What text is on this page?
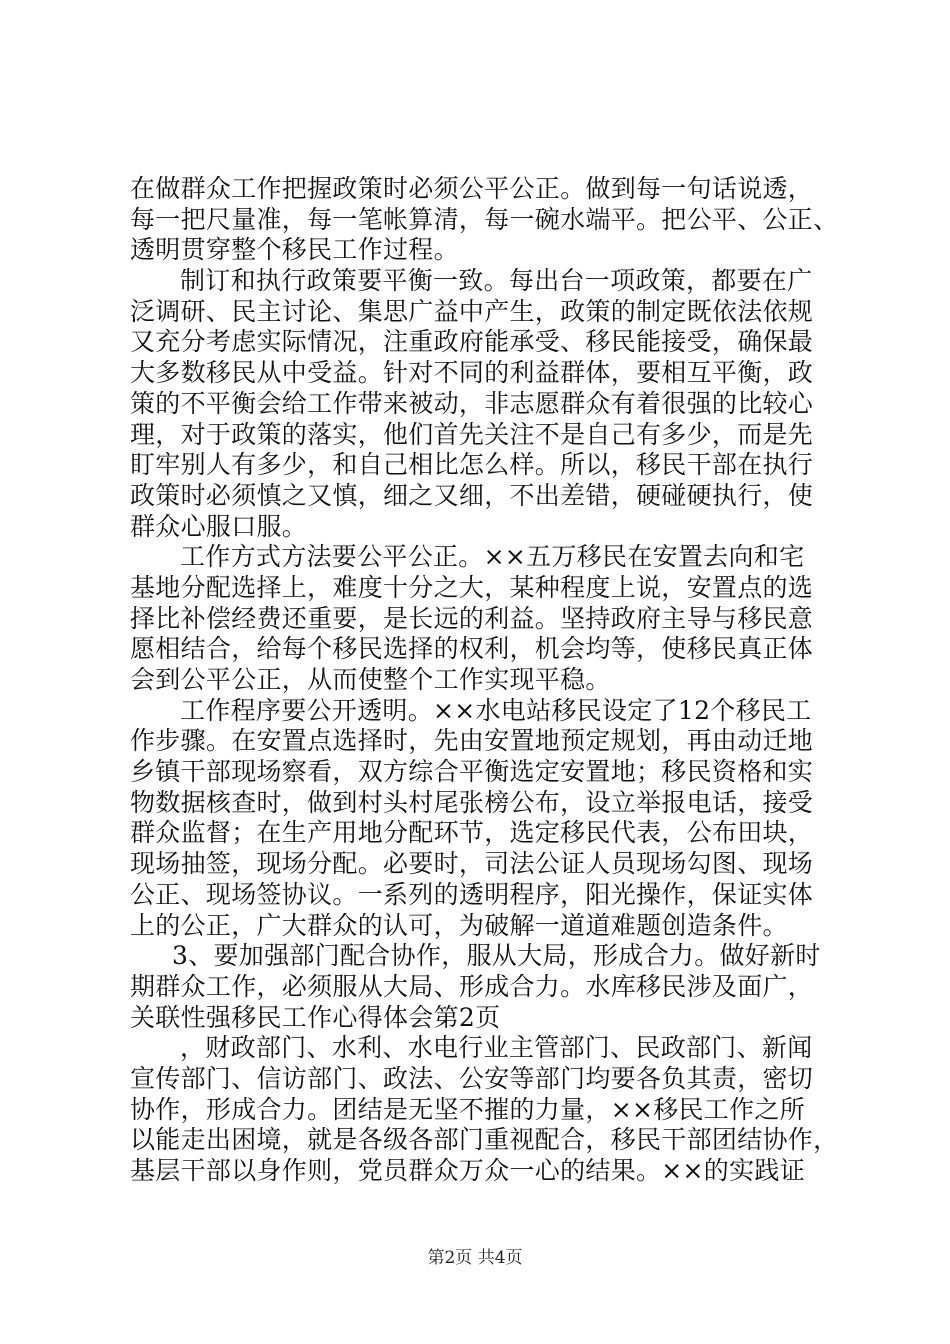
在做群众工作把握政策时必须公平公正。做到每一句话说透，
每一把尺量准，每一笔帐算清，每一碗水端平。把公平、公正、
透明贯穿整个移民工作过程。
制订和执行政策要平衡一致。每出台一项政策，都要在广
泛调研、民主讨论、集思广益中产生，政策的制定既依法依规
又充分考虑实际情况，注重政府能承受、移民能接受，确保最
大多数移民从中受益。针对不同的利益群体，要相互平衡，政
策的不平衡会给工作带来被动，非志愿群众有着很强的比较心
理，对于政策的落实，他们首先关注不是自己有多少，而是先
盯牢别人有多少，和自己相比怎么样。所以，移民干部在执行
政策时必须慎之又慎，细之又细，不出差错，硬碰硬执行，使
群众心服口服。
工作方式方法要公平公正。××五万移民在安置去向和宅
基地分配选择上，难度十分之大，某种程度上说，安置点的选
择比补偿经费还重要，是长远的利益。坚持政府主导与移民意
愿相结合，给每个移民选择的权利，机会均等，使移民真正体
会到公平公正，从而使整个工作实现平稳。
工作程序要公开透明。××水电站移民设定了12个移民工
作步骤。在安置点选择时，先由安置地预定规划，再由动迁地
乡镇干部现场察看，双方综合平衡选定安置地；移民资格和实
物数据核查时，做到村头村尾张榜公布，设立举报电话，接受
群众监督；在生产用地分配环节，选定移民代表，公布田块，
现场抽签，现场分配。必要时，司法公证人员现场勾图、现场
公正、现场签协议。一系列的透明程序，阳光操作，保证实体
上的公正，广大群众的认可，为破解一道道难题创造条件。
3、要加强部门配合协作，服从大局，形成合力。做好新时
期群众工作，必须服从大局、形成合力。水库移民涉及面广，
关联性强移民工作心得体会第2页
，财政部门、水利、水电行业主管部门、民政部门、新闻
宣传部门、信访部门、政法、公安等部门均要各负其责，密切
协作，形成合力。团结是无坚不摧的力量，××移民工作之所
以能走出困境，就是各级各部门重视配合，移民干部团结协作，
基层干部以身作则，党员群众万众一心的结果。××的实践证
第2页 共4页
